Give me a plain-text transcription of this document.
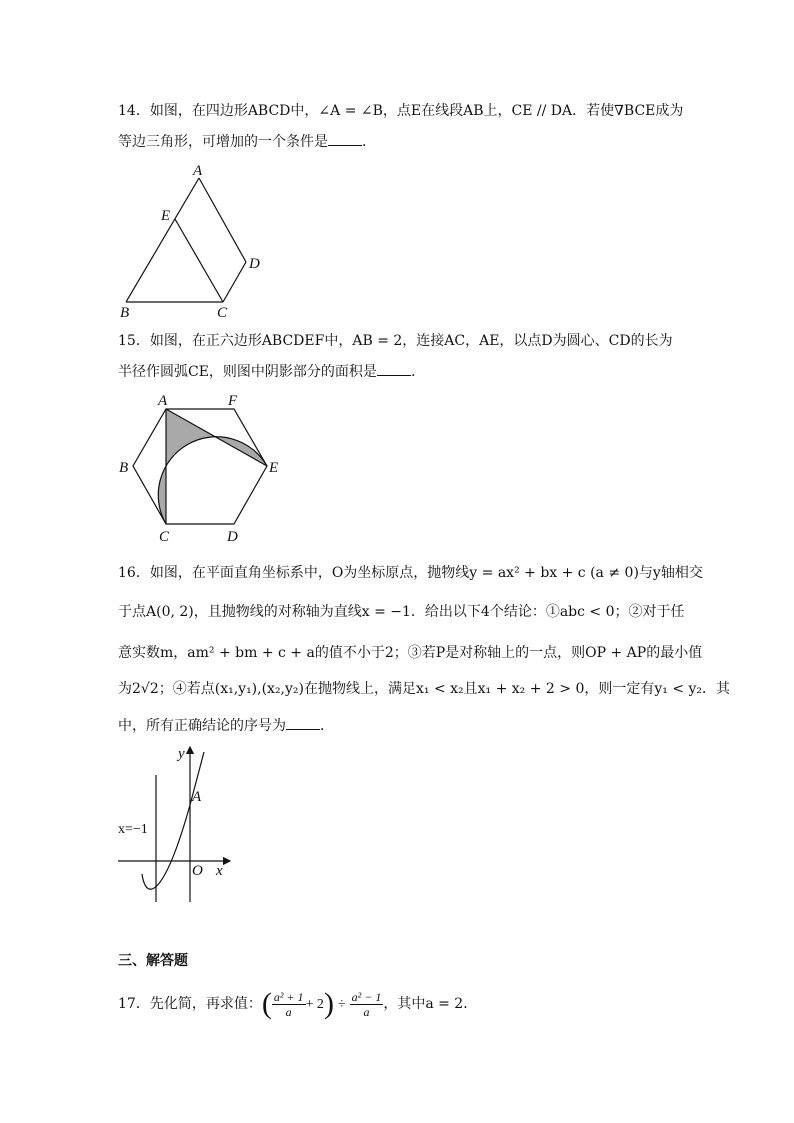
14．如图，在四边形ABCD中，∠A = ∠B，点E在线段AB上，CE // DA．若使∇BCE成为
等边三角形，可增加的一个条件是 ．
A
E
D
B	C
15．如图，在正六边形ABCDEF中，AB = 2，连接AC，AE，以点D为圆心、CD的长为
半径作圆弧CE，则图中阴影部分的面积是 ．
A	F
B	E
C	D
16．如图，在平面直角坐标系中，O为坐标原点，抛物线y = ax² + bx + c (a ≠ 0)与y轴相交
于点A(0, 2)，且抛物线的对称轴为直线x = −1．给出以下4个结论：①abc < 0；②对于任
意实数m，am² + bm + c + a的值不小于2；③若P是对称轴上的一点，则OP + AP的最小值
为2√2；④若点(x₁,y₁),(x₂,y₂)在抛物线上，满足x₁ < x₂且x₁ + x₂ + 2 > 0，则一定有y₁ < y₂．其
中，所有正确结论的序号为 ．
y
A
x=−1
O x
三、解答题
17．先化简，再求值：( $\frac{\text{a² + 1}}{a} + 2) \div \frac{\text{a² − 1}}{a}$ ，其中a = 2．
